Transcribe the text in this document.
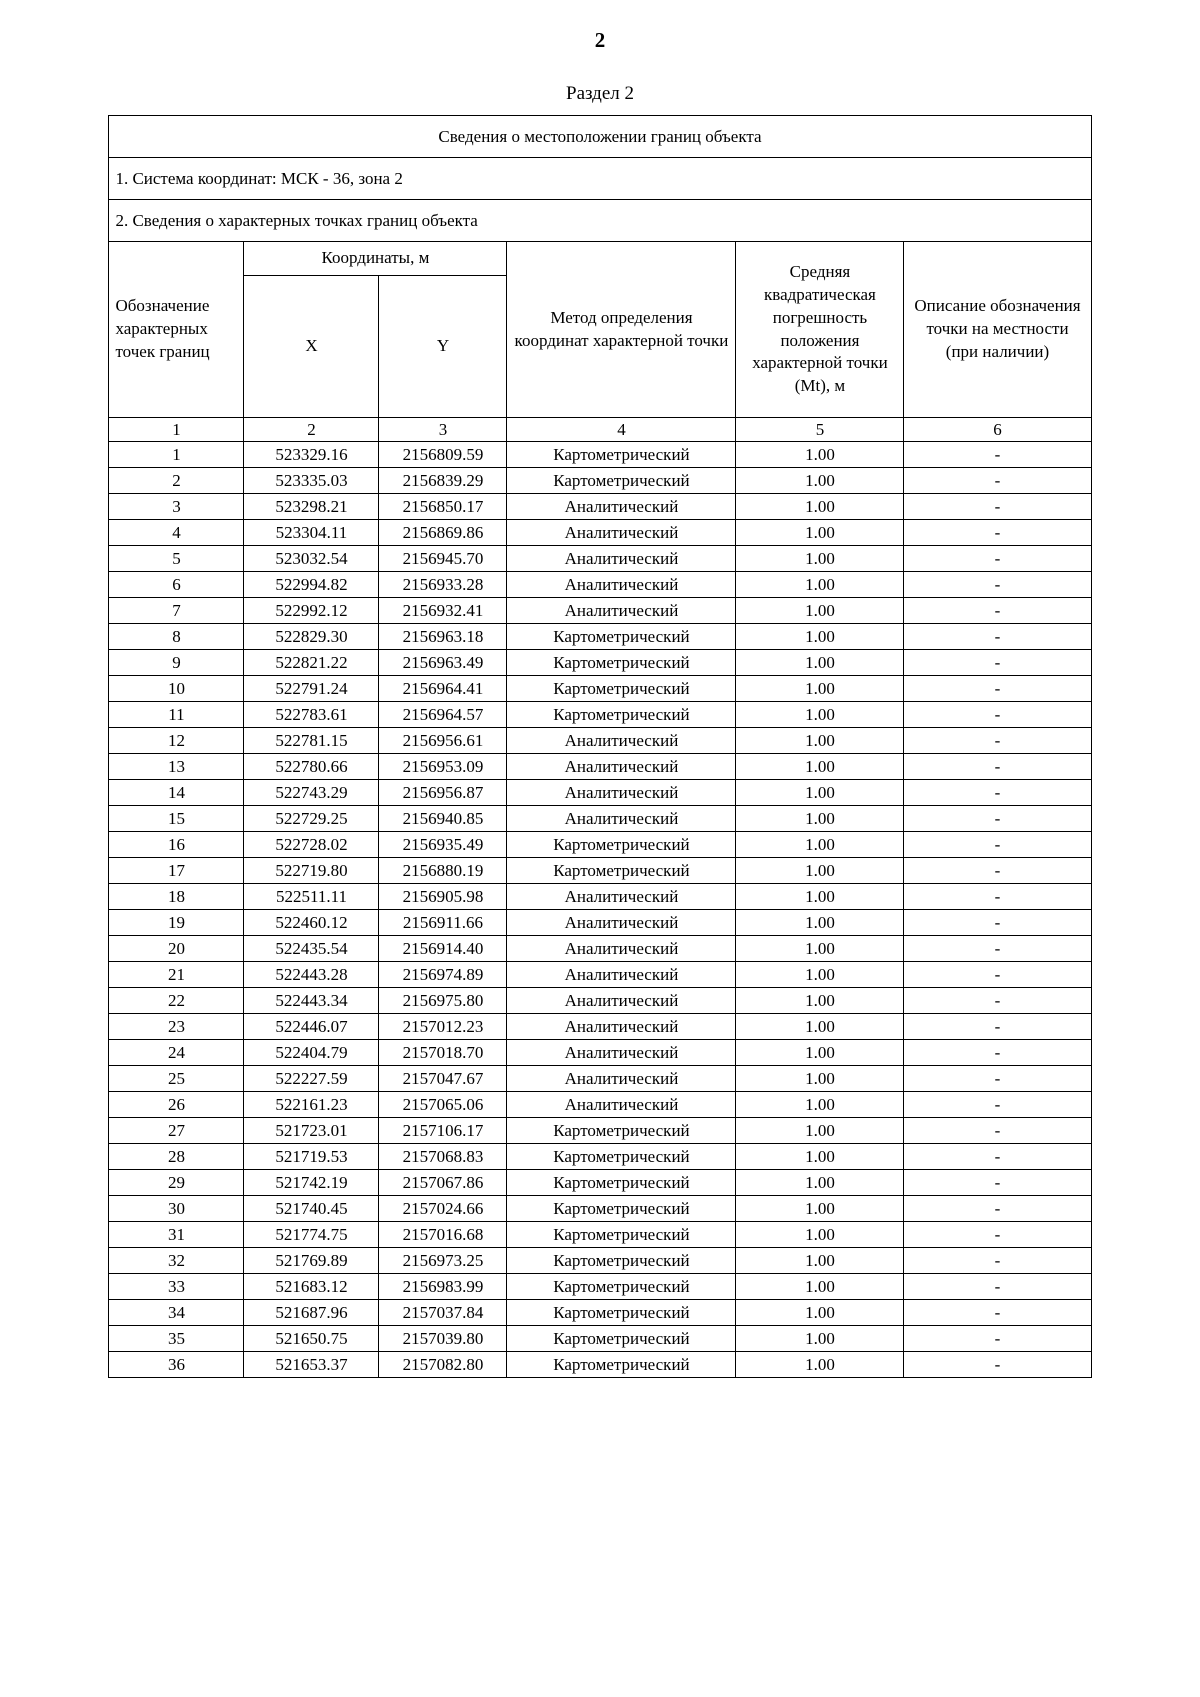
2
Раздел 2
Сведения о местоположении границ объекта					
1. Система координат: МСК - 36, зона 2					
2. Сведения о характерных точках границ объекта					
Обозначение характерных точек границ	Координаты, м		Метод определения координат характерной точки	Средняя квадратическая погрешность положения характерной точки (Mt), м	Описание обозначения точки на местности (при наличии)
	X	Y			
1	2	3	4	5	6
1	523329.16	2156809.59	Картометрический	1.00	-
2	523335.03	2156839.29	Картометрический	1.00	-
3	523298.21	2156850.17	Аналитический	1.00	-
4	523304.11	2156869.86	Аналитический	1.00	-
5	523032.54	2156945.70	Аналитический	1.00	-
6	522994.82	2156933.28	Аналитический	1.00	-
7	522992.12	2156932.41	Аналитический	1.00	-
8	522829.30	2156963.18	Картометрический	1.00	-
9	522821.22	2156963.49	Картометрический	1.00	-
10	522791.24	2156964.41	Картометрический	1.00	-
11	522783.61	2156964.57	Картометрический	1.00	-
12	522781.15	2156956.61	Аналитический	1.00	-
13	522780.66	2156953.09	Аналитический	1.00	-
14	522743.29	2156956.87	Аналитический	1.00	-
15	522729.25	2156940.85	Аналитический	1.00	-
16	522728.02	2156935.49	Картометрический	1.00	-
17	522719.80	2156880.19	Картометрический	1.00	-
18	522511.11	2156905.98	Аналитический	1.00	-
19	522460.12	2156911.66	Аналитический	1.00	-
20	522435.54	2156914.40	Аналитический	1.00	-
21	522443.28	2156974.89	Аналитический	1.00	-
22	522443.34	2156975.80	Аналитический	1.00	-
23	522446.07	2157012.23	Аналитический	1.00	-
24	522404.79	2157018.70	Аналитический	1.00	-
25	522227.59	2157047.67	Аналитический	1.00	-
26	522161.23	2157065.06	Аналитический	1.00	-
27	521723.01	2157106.17	Картометрический	1.00	-
28	521719.53	2157068.83	Картометрический	1.00	-
29	521742.19	2157067.86	Картометрический	1.00	-
30	521740.45	2157024.66	Картометрический	1.00	-
31	521774.75	2157016.68	Картометрический	1.00	-
32	521769.89	2156973.25	Картометрический	1.00	-
33	521683.12	2156983.99	Картометрический	1.00	-
34	521687.96	2157037.84	Картометрический	1.00	-
35	521650.75	2157039.80	Картометрический	1.00	-
36	521653.37	2157082.80	Картометрический	1.00	-
